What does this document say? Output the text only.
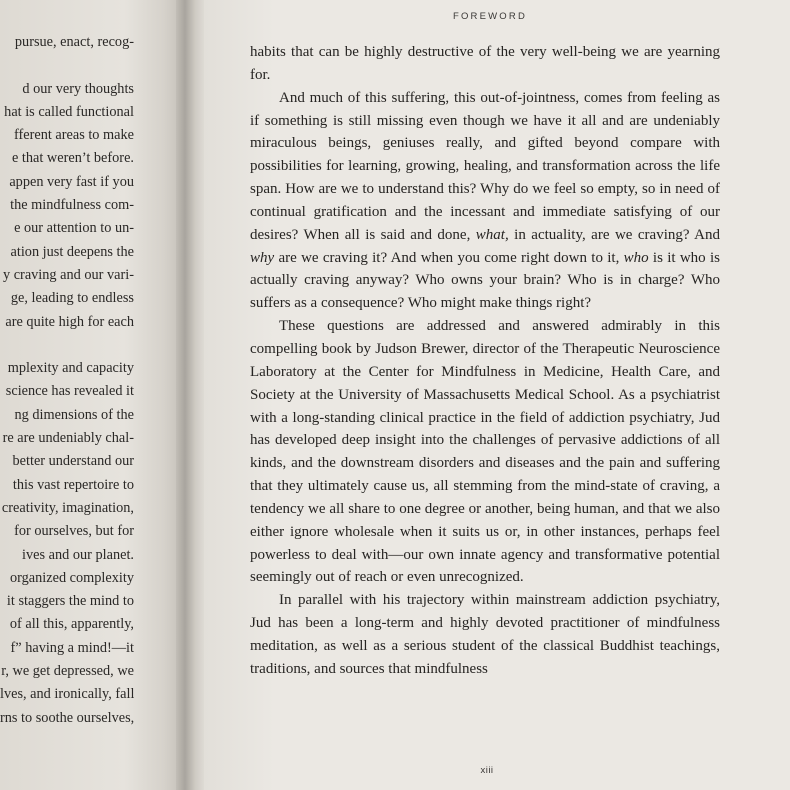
pursue, enact, recog-
d our very thoughts
hat is called functional
fferent areas to make
e that weren’t before.
appen very fast if you
the mindfulness com-
e our attention to un-
ation just deepens the
y craving and our vari-
ge, leading to endless
are quite high for each
mplexity and capacity
science has revealed it
ng dimensions of the
re are undeniably chal-
better understand our
this vast repertoire to
creativity, imagination,
for ourselves, but for
ives and our planet.
organized complexity
it staggers the mind to
of all this, apparently,
f” having a mind!—it
r, we get depressed, we
lves, and ironically, fall
rns to soothe ourselves,
FOREWORD

habits that can be highly destructive of the very well-being we are yearning for.

And much of this suffering, this out-of-jointness, comes from feeling as if something is still missing even though we have it all and are undeniably miraculous beings, geniuses really, and gifted beyond compare with possibilities for learning, growing, healing, and transformation across the life span. How are we to understand this? Why do we feel so empty, so in need of continual gratification and the incessant and immediate satisfying of our desires? When all is said and done, what, in actuality, are we craving? And why are we craving it? And when you come right down to it, who is it who is actually craving anyway? Who owns your brain? Who is in charge? Who suffers as a consequence? Who might make things right?

These questions are addressed and answered admirably in this compelling book by Judson Brewer, director of the Therapeutic Neuroscience Laboratory at the Center for Mindfulness in Medicine, Health Care, and Society at the University of Massachusetts Medical School. As a psychiatrist with a long-standing clinical practice in the field of addiction psychiatry, Jud has developed deep insight into the challenges of pervasive addictions of all kinds, and the downstream disorders and diseases and the pain and suffering that they ultimately cause us, all stemming from the mind-state of craving, a tendency we all share to one degree or another, being human, and that we also either ignore wholesale when it suits us or, in other instances, perhaps feel powerless to deal with—our own innate agency and transformative potential seemingly out of reach or even unrecognized.

In parallel with his trajectory within mainstream addiction psychiatry, Jud has been a long-term and highly devoted practitioner of mindfulness meditation, as well as a serious student of the classical Buddhist teachings, traditions, and sources that mindfulness

xiii
